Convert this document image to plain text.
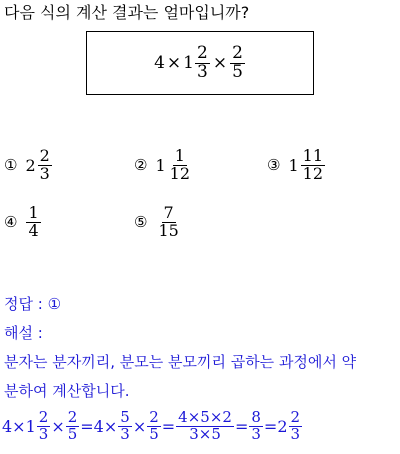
다음 식의 계산 결과는 얼마입니까?
$4 \times 1 \frac{2}{3} \times \frac{2}{5}$
① $2 \frac{2}{3}$	② $1 \frac{1}{12}$	③ $1 \frac{11}{12}$
④ $\frac{1}{4}$	⑤ $\frac{7}{15}$
정답 : ①
해설 :
분자는 분자끼리, 분모는 분모끼리 곱하는 과정에서 약
분하여 계산합니다.
$4\times 1 \frac{2}{3} \times \frac{2}{5} =4\times \frac{5}{3} \times \frac{2}{5} = \frac{4\times 5\times 2}{3\times 5} = \frac{8}{3} =2 \frac{2}{3}$
